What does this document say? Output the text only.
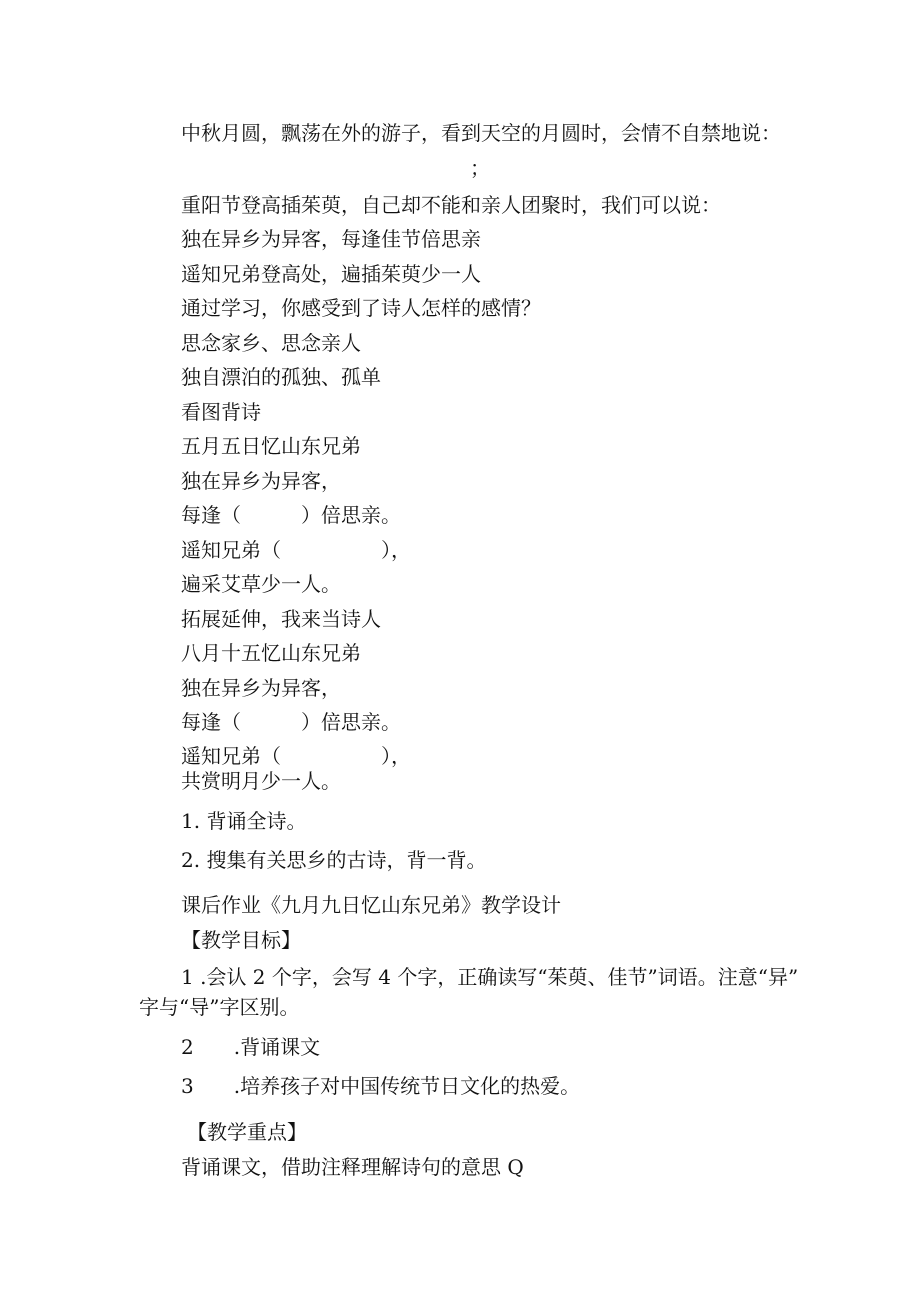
中秋月圆，飘荡在外的游子，看到天空的月圆时，会情不自禁地说：

；

重阳节登高插茱萸，自己却不能和亲人团聚时，我们可以说：

独在异乡为异客，每逢佳节倍思亲

遥知兄弟登高处，遍插茱萸少一人

通过学习，你感受到了诗人怎样的感情？

思念家乡、思念亲人

独自漂泊的孤独、孤单

看图背诗

五月五日忆山东兄弟

独在异乡为异客，

每逢（　　　）倍思亲。

遥知兄弟（　　　　　），

遍采艾草少一人。

拓展延伸，我来当诗人

八月十五忆山东兄弟

独在异乡为异客，

每逢（　　　）倍思亲。

遥知兄弟（　　　　　），

共赏明月少一人。

1. 背诵全诗。

2. 搜集有关思乡的古诗，背一背。

课后作业《九月九日忆山东兄弟》教学设计

【教学目标】

1 .会认 2 个字，会写 4 个字，正确读写“茱萸、佳节”词语。注意“异”

字与“导”字区别。

2　　.背诵课文

3　　.培养孩子对中国传统节日文化的热爱。

【教学重点】

背诵课文，借助注释理解诗句的意思 Q
